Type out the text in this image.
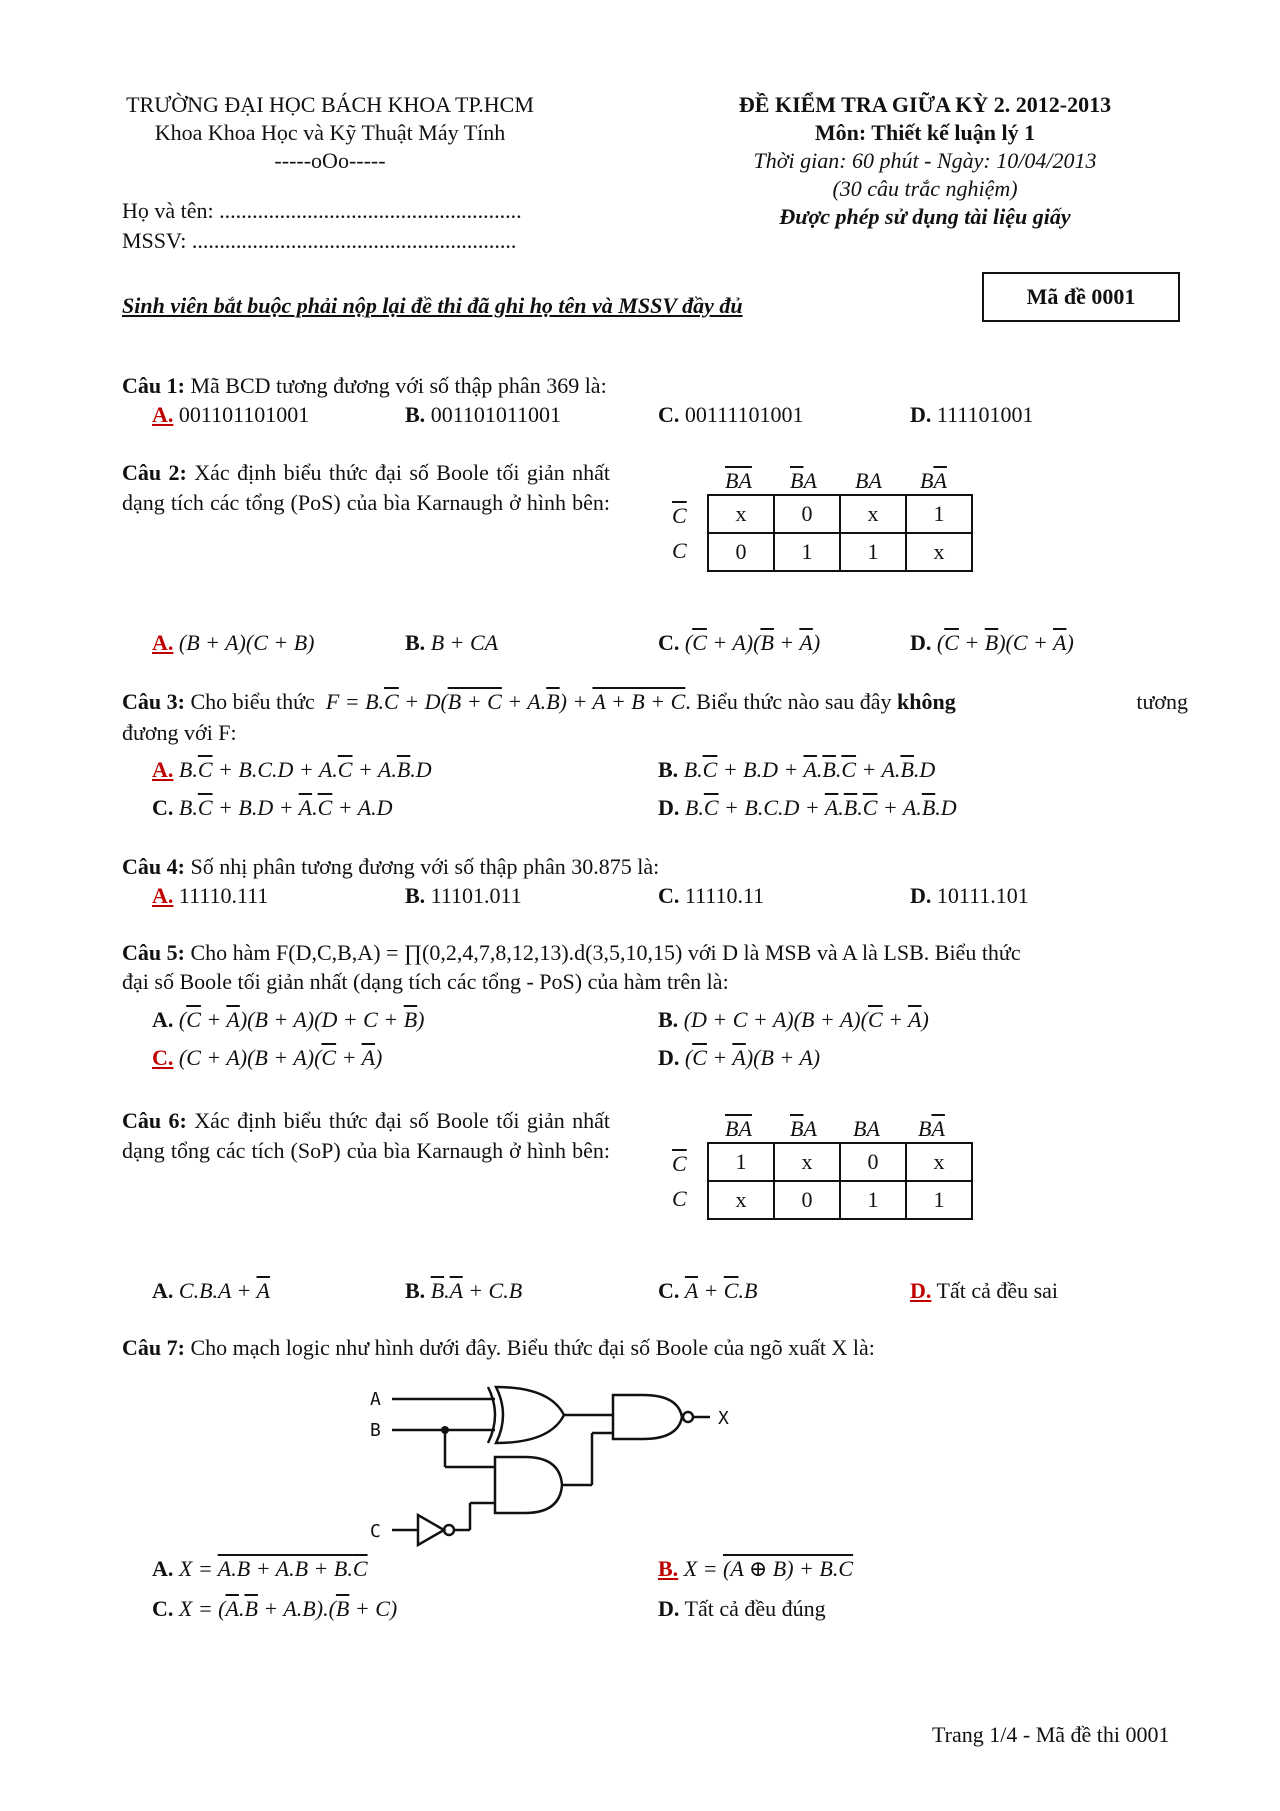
TRƯỜNG ĐẠI HỌC BÁCH KHOA TP.HCM
Khoa Khoa Học và Kỹ Thuật Máy Tính
-----oOo-----
Họ và tên: .......................................................
MSSV: ...........................................................
ĐỀ KIỂM TRA GIỮA KỲ 2. 2012-2013
Môn: Thiết kế luận lý 1
Thời gian: 60 phút - Ngày: 10/04/2013
(30 câu trắc nghiệm)
Được phép sử dụng tài liệu giấy
Sinh viên bắt buộc phải nộp lại đề thi đã ghi họ tên và MSSV đầy đủ	Mã đề 0001
Câu 1: Mã BCD tương đương với số thập phân 369 là:
A. 001101101001	B. 001101011001	C. 00111101001	D. 111101001
Câu 2: Xác định biểu thức đại số Boole tối giản nhất dạng tích các tổng (PoS) của bìa Karnaugh ở hình bên:
$\overline{B}\overline{A}$ $\overline{B}A$ BA $B\overline{A}$
$\overline{C}$
C
x	0	x	1
0	1	1	x
A. (B + A)(C + B)	B. B + CA	C. $(\overline{C} + A)(\overline{B} + \overline{A})$	D. $(\overline{C} + \overline{B})(C + \overline{A})$
Câu 3: Cho biểu thức $F = B.\overline{C} + D(B + C + A.\overline{B}) + A + B + C$. Biểu thức nào sau đây không	tương
đương với F:
A. $B.\overline{C} + B.C.D + A.\overline{C} + A.\overline{B}.D$	B. $B.\overline{C} + B.D + \overline{A}.\overline{B}.\overline{C} + A.\overline{B}.D$
C. $B.\overline{C} + B.D + \overline{A}.\overline{C} + A.D$	D. $B.\overline{C} + B.C.D + \overline{A}.\overline{B}.\overline{C} + A.\overline{B}.D$
Câu 4: Số nhị phân tương đương với số thập phân 30.875 là:
A. 11110.111	B. 11101.011	C. 11110.11	D. 10111.101
Câu 5: Cho hàm F(D,C,B,A) = ∏(0,2,4,7,8,12,13).d(3,5,10,15) với D là MSB và A là LSB. Biểu thức
đại số Boole tối giản nhất (dạng tích các tổng - PoS) của hàm trên là:
A. $(\overline{C} + \overline{A})(B + A)(D + C + \overline{B})$	B. $(D + C + A)(B + A)(\overline{C} + \overline{A})$
C. $(C + A)(B + A)(\overline{C} + \overline{A})$	D. $(\overline{C} + \overline{A})(B + A)$
Câu 6: Xác định biểu thức đại số Boole tối giản nhất dạng tổng các tích (SoP) của bìa Karnaugh ở hình bên:
$\overline{B}\overline{A}$ $\overline{B}A$ BA $B\overline{A}$
$\overline{C}$
C
1	x	0	x
x	0	1	1
A. $C.B.A + \overline{A}$	B. $\overline{B}.\overline{A} + C.B$	C. $\overline{A} + \overline{C}.B$	D. Tất cả đều sai
Câu 7: Cho mạch logic như hình dưới đây. Biểu thức đại số Boole của ngõ xuất X là:
A
B
C
X
A. X = A.B + A.B + B.C	B. X = (A ⊕ B) + B.C
C. $X = (\overline{A}.\overline{B} + A.B).(\overline{B} + C)$	D. Tất cả đều đúng
Trang 1/4 - Mã đề thi 0001
